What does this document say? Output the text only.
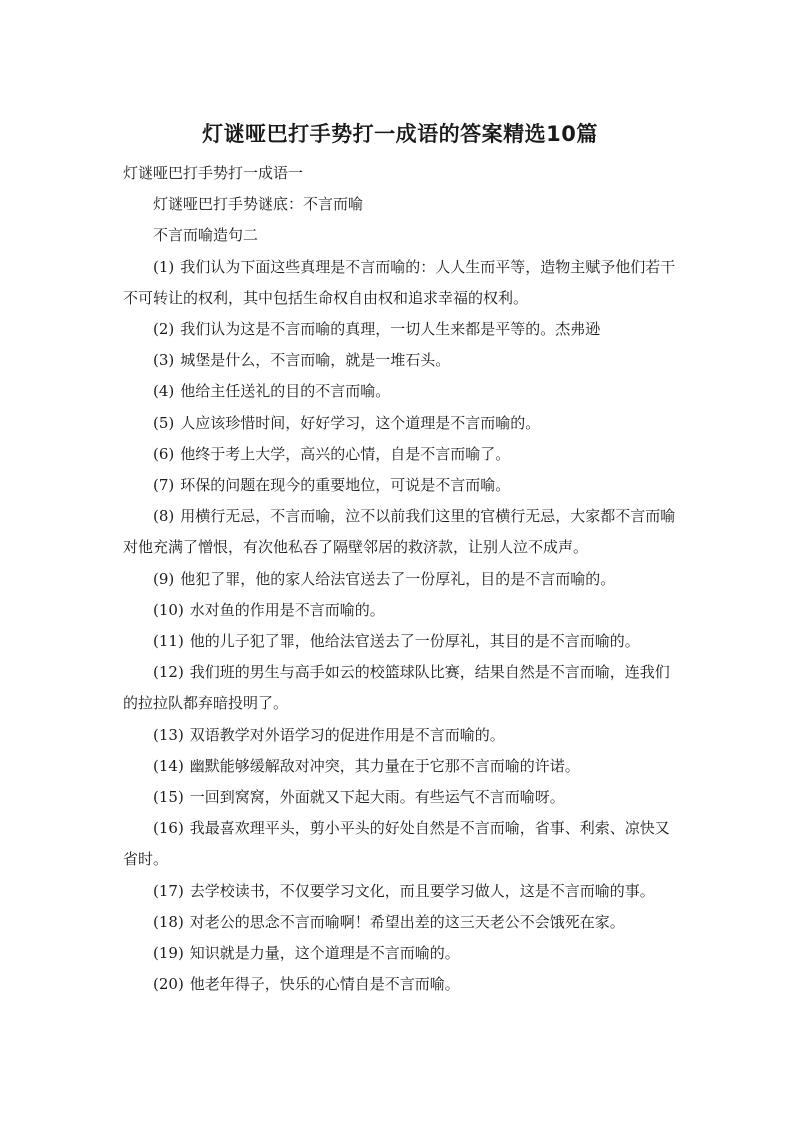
灯谜哑巴打手势打一成语的答案精选10篇

灯谜哑巴打手势打一成语一

灯谜哑巴打手势谜底：不言而喻

不言而喻造句二

(1) 我们认为下面这些真理是不言而喻的：人人生而平等，造物主赋予他们若干不可转让的权利，其中包括生命权自由权和追求幸福的权利。

(2) 我们认为这是不言而喻的真理，一切人生来都是平等的。杰弗逊

(3) 城堡是什么，不言而喻，就是一堆石头。

(4) 他给主任送礼的目的不言而喻。

(5) 人应该珍惜时间，好好学习，这个道理是不言而喻的。

(6) 他终于考上大学，高兴的心情，自是不言而喻了。

(7) 环保的问题在现今的重要地位，可说是不言而喻。

(8) 用横行无忌，不言而喻，泣不以前我们这里的官横行无忌，大家都不言而喻对他充满了憎恨，有次他私吞了隔壁邻居的救济款，让别人泣不成声。

(9) 他犯了罪，他的家人给法官送去了一份厚礼，目的是不言而喻的。

(10) 水对鱼的作用是不言而喻的。

(11) 他的儿子犯了罪，他给法官送去了一份厚礼，其目的是不言而喻的。

(12) 我们班的男生与高手如云的校篮球队比赛，结果自然是不言而喻，连我们的拉拉队都弃暗投明了。

(13) 双语教学对外语学习的促进作用是不言而喻的。

(14) 幽默能够缓解敌对冲突，其力量在于它那不言而喻的许诺。

(15) 一回到窝窝，外面就又下起大雨。有些运气不言而喻呀。

(16) 我最喜欢理平头，剪小平头的好处自然是不言而喻，省事、利索、凉快又省时。

(17) 去学校读书，不仅要学习文化，而且要学习做人，这是不言而喻的事。

(18) 对老公的思念不言而喻啊！希望出差的这三天老公不会饿死在家。

(19) 知识就是力量，这个道理是不言而喻的。

(20) 他老年得子，快乐的心情自是不言而喻。
